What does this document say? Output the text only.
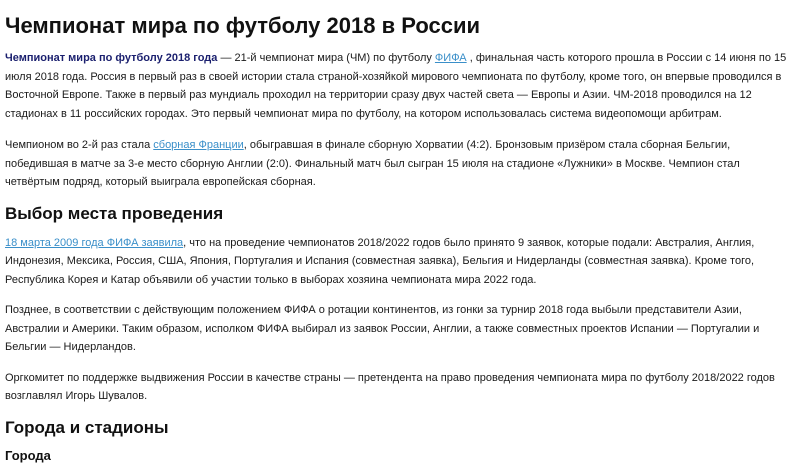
Чемпионат мира по футболу 2018 в России

Чемпионат мира по футболу 2018 года — 21-й чемпионат мира (ЧМ) по футболу ФИФА , финальная часть которого прошла в России с 14 июня по 15 июля 2018 года. Россия в первый раз в своей истории стала страной-хозяйкой мирового чемпионата по футболу, кроме того, он впервые проводился в Восточной Европе. Также в первый раз мундиаль проходил на территории сразу двух частей света — Европы и Азии. ЧМ-2018 проводился на 12 стадионах в 11 российских городах. Это первый чемпионат мира по футболу, на котором использовалась система видеопомощи арбитрам.

Чемпионом во 2-й раз стала сборная Франции, обыгравшая в финале сборную Хорватии (4:2). Бронзовым призёром стала сборная Бельгии, победившая в матче за 3-е место сборную Англии (2:0). Финальный матч был сыгран 15 июля на стадионе «Лужники» в Москве. Чемпион стал четвёртым подряд, который выиграла европейская сборная.

Выбор места проведения

18 марта 2009 года ФИФА заявила, что на проведение чемпионатов 2018/2022 годов было принято 9 заявок, которые подали: Австралия, Англия, Индонезия, Мексика, Россия, США, Япония, Португалия и Испания (совместная заявка), Бельгия и Нидерланды (совместная заявка). Кроме того, Республика Корея и Катар объявили об участии только в выборах хозяина чемпионата мира 2022 года.

Позднее, в соответствии с действующим положением ФИФА о ротации континентов, из гонки за турнир 2018 года выбыли представители Азии, Австралии и Америки. Таким образом, исполком ФИФА выбирал из заявок России, Англии, а также совместных проектов Испании — Португалии и Бельгии — Нидерландов.

Оргкомитет по поддержке выдвижения России в качестве страны — претендента на право проведения чемпионата мира по футболу 2018/2022 годов возглавлял Игорь Шувалов.

Города и стадионы
Города
